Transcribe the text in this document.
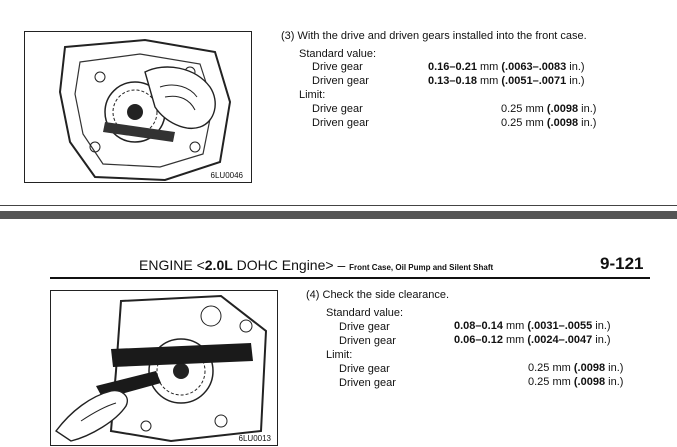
6LU0046
(3) With the drive and driven gears installed into the front case.
Standard value:
Drive gear	0.16–0.21 mm (.0063–.0083 in.)
Driven gear	0.13–0.18 mm (.0051–.0071 in.)
Limit:
Drive gear	0.25 mm (.0098 in.)
Driven gear	0.25 mm (.0098 in.)
ENGINE <2.0L DOHC Engine> – Front Case, Oil Pump and Silent Shaft	9-121
6LU0013
(4) Check the side clearance.
Standard value:
Drive gear	0.08–0.14 mm (.0031–.0055 in.)
Driven gear	0.06–0.12 mm (.0024–.0047 in.)
Limit:
Drive gear	0.25 mm (.0098 in.)
Driven gear	0.25 mm (.0098 in.)
